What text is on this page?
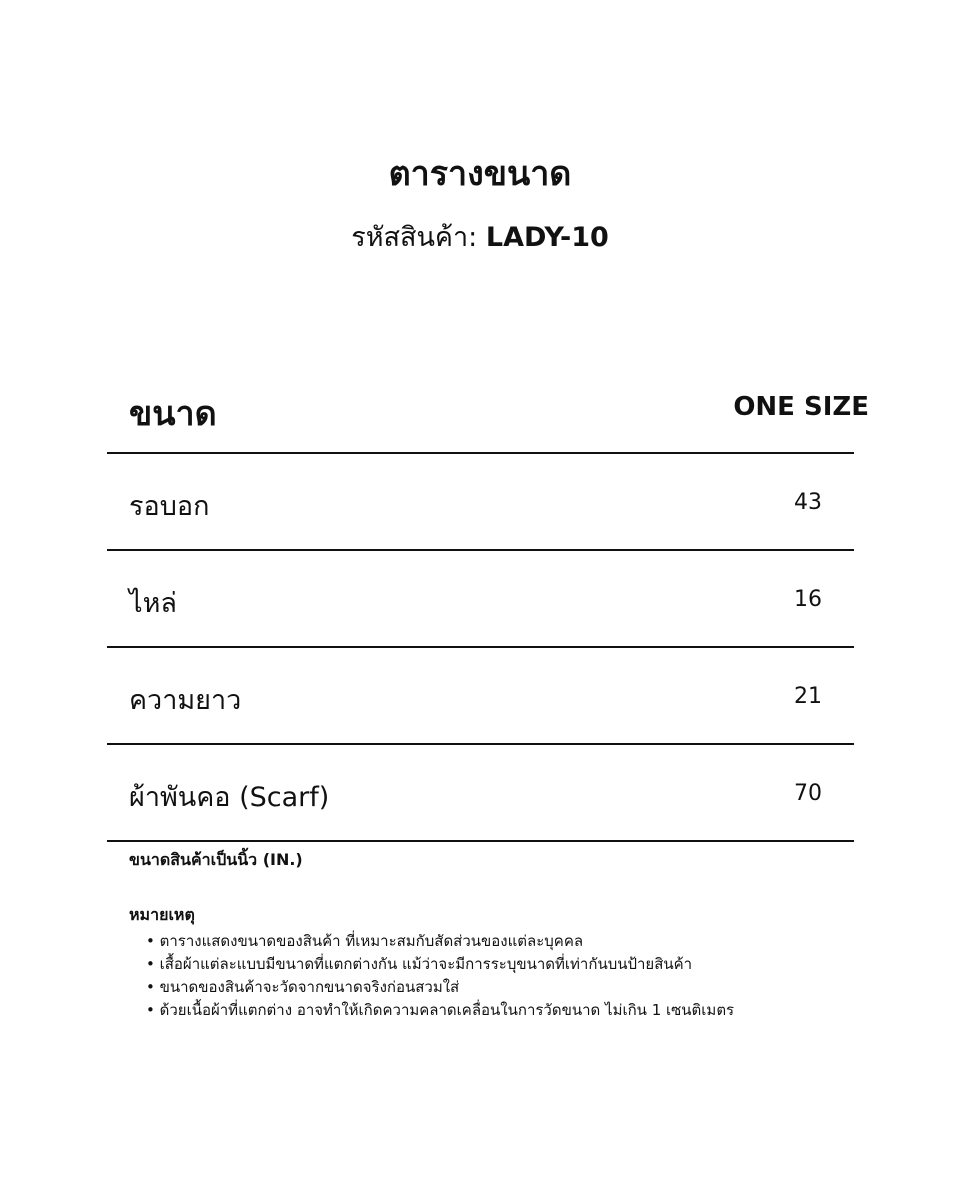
ตารางขนาด
รหัสสินค้า: LADY-10
ขนาด	ONE SIZE
รอบอก	43
ไหล่	16
ความยาว	21
ผ้าพันคอ (Scarf)	70
ขนาดสินค้าเป็นนิ้ว (IN.)
หมายเหตุ
• ตารางแสดงขนาดของสินค้า ที่เหมาะสมกับสัดส่วนของแต่ละบุคคล
• เสื้อผ้าแต่ละแบบมีขนาดที่แตกต่างกัน แม้ว่าจะมีการระบุขนาดที่เท่ากันบนป้ายสินค้า
• ขนาดของสินค้าจะวัดจากขนาดจริงก่อนสวมใส่
• ด้วยเนื้อผ้าที่แตกต่าง อาจทำให้เกิดความคลาดเคลื่อนในการวัดขนาด ไม่เกิน 1 เซนติเมตร
